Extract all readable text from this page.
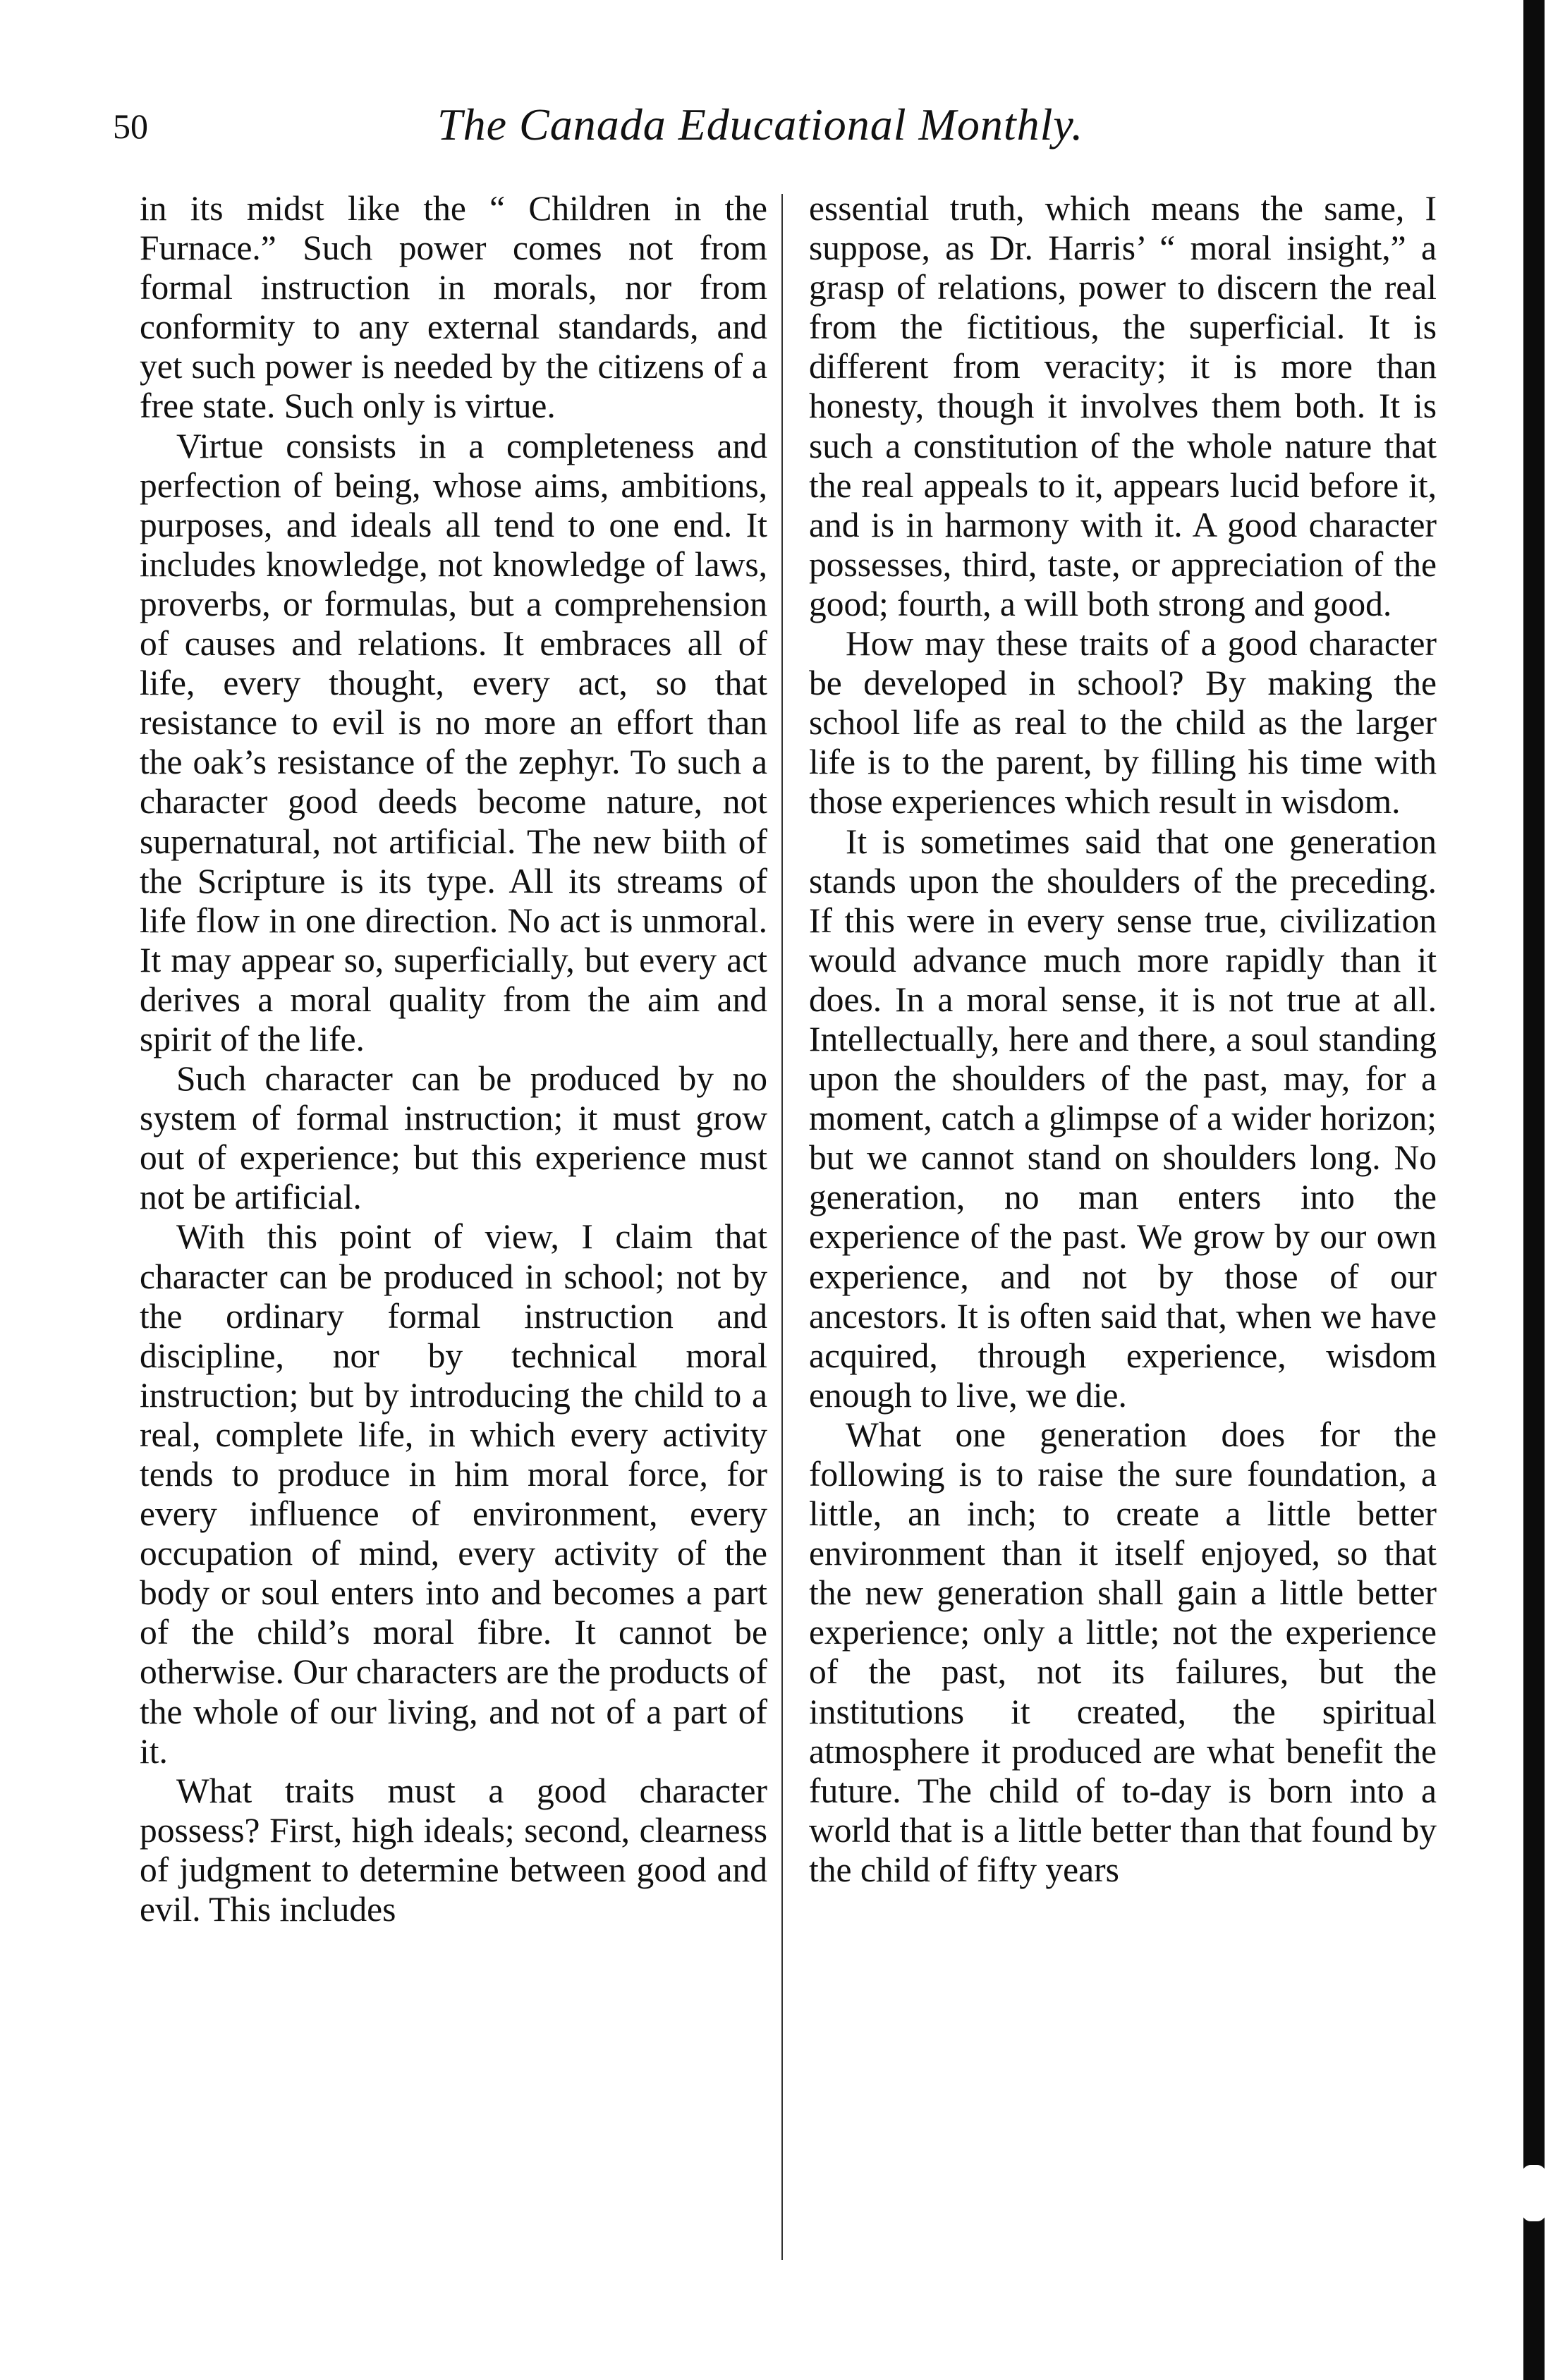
50	The Canada Educational Monthly.

in its midst like the “ Children in the Furnace.” Such power comes not from formal instruction in morals, nor from conformity to any external standards, and yet such power is needed by the citizens of a free state. Such only is virtue.

Virtue consists in a completeness and perfection of being, whose aims, ambitions, purposes, and ideals all tend to one end. It includes knowledge, not knowledge of laws, proverbs, or formulas, but a comprehension of causes and relations. It embraces all of life, every thought, every act, so that resistance to evil is no more an effort than the oak’s resistance of the zephyr. To such a character good deeds become nature, not supernatural, not artificial. The new biith of the Scripture is its type. All its streams of life flow in one direction. No act is unmoral. It may appear so, superficially, but every act derives a moral quality from the aim and spirit of the life.

Such character can be produced by no system of formal instruction; it must grow out of experience; but this experience must not be artificial.

With this point of view, I claim that character can be produced in school; not by the ordinary formal instruction and discipline, nor by technical moral instruction; but by introducing the child to a real, complete life, in which every activity tends to produce in him moral force, for every influence of environment, every occupation of mind, every activity of the body or soul enters into and becomes a part of the child’s moral fibre. It cannot be otherwise. Our characters are the products of the whole of our living, and not of a part of it.

What traits must a good character possess? First, high ideals; second, clearness of judgment to determine between good and evil. This includes

essential truth, which means the same, I suppose, as Dr. Harris’ “ moral insight,” a grasp of relations, power to discern the real from the fictitious, the superficial. It is different from veracity; it is more than honesty, though it involves them both. It is such a constitution of the whole nature that the real appeals to it, appears lucid before it, and is in harmony with it. A good character possesses, third, taste, or appreciation of the good; fourth, a will both strong and good.

How may these traits of a good character be developed in school? By making the school life as real to the child as the larger life is to the parent, by filling his time with those experiences which result in wisdom.

It is sometimes said that one generation stands upon the shoulders of the preceding. If this were in every sense true, civilization would advance much more rapidly than it does. In a moral sense, it is not true at all. Intellectually, here and there, a soul standing upon the shoulders of the past, may, for a moment, catch a glimpse of a wider horizon; but we cannot stand on shoulders long. No generation, no man enters into the experience of the past. We grow by our own experience, and not by those of our ancestors. It is often said that, when we have acquired, through experience, wisdom enough to live, we die.

What one generation does for the following is to raise the sure foundation, a little, an inch; to create a little better environment than it itself enjoyed, so that the new generation shall gain a little better experience; only a little; not the experience of the past, not its failures, but the institutions it created, the spiritual atmosphere it produced are what benefit the future. The child of to-day is born into a world that is a little better than that found by the child of fifty years
